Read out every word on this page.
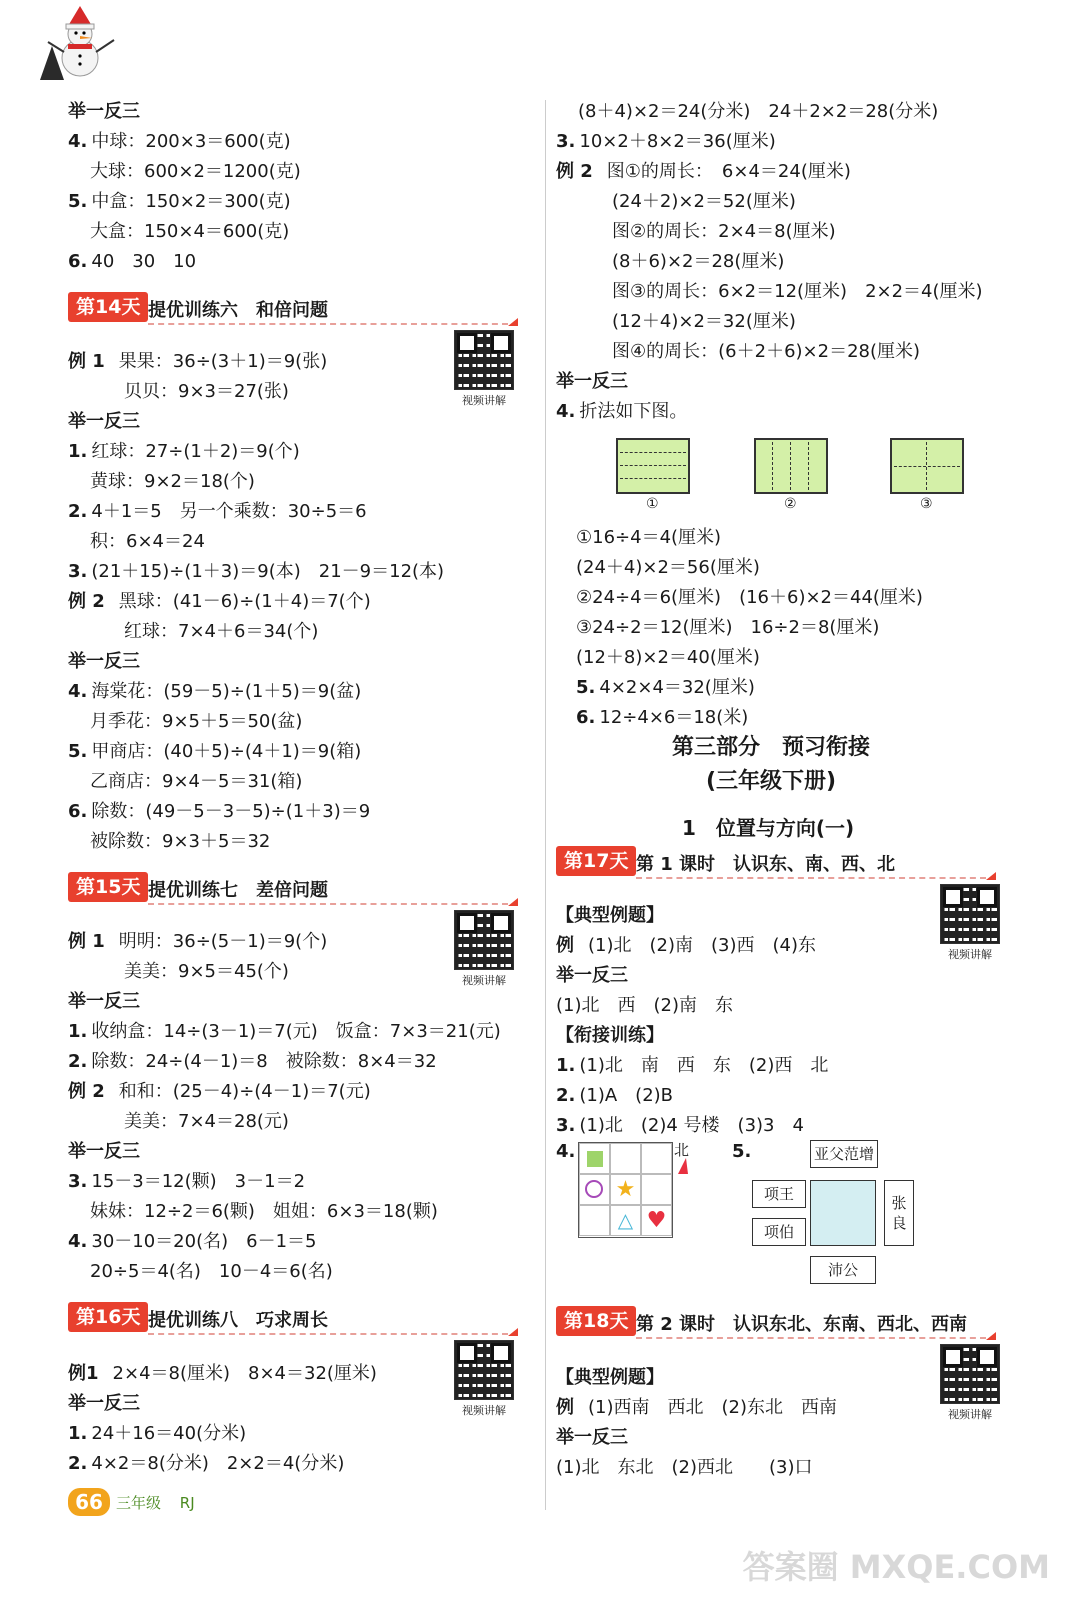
第14天 提优训练六　和倍问题
视频讲解
第15天 提优训练七　差倍问题
视频讲解
第16天 提优训练八　巧求周长
视频讲解
举一反三
4. 中球：200×3＝600(克)
大球：600×2＝1200(克)
5. 中盒：150×2＝300(克)
大盒：150×4＝600(克)
6. 40　30　10
例 1 果果：36÷(3＋1)＝9(张)
贝贝：9×3＝27(张)
举一反三
1. 红球：27÷(1＋2)＝9(个)
黄球：9×2＝18(个)
2. 4＋1＝5　另一个乘数：30÷5＝6
积：6×4＝24
3. (21＋15)÷(1＋3)＝9(本)　21－9＝12(本)
例 2 黑球：(41－6)÷(1＋4)＝7(个)
红球：7×4＋6＝34(个)
举一反三
4. 海棠花：(59－5)÷(1＋5)＝9(盆)
月季花：9×5＋5＝50(盆)
5. 甲商店：(40＋5)÷(4＋1)＝9(箱)
乙商店：9×4－5＝31(箱)
6. 除数：(49－5－3－5)÷(1＋3)＝9
被除数：9×3＋5＝32
例 1 明明：36÷(5－1)＝9(个)
美美：9×5＝45(个)
举一反三
1. 收纳盒：14÷(3－1)＝7(元)　饭盒：7×3＝21(元)
2. 除数：24÷(4－1)＝8　被除数：8×4＝32
例 2 和和：(25－4)÷(4－1)＝7(元)
美美：7×4＝28(元)
举一反三
3. 15－3＝12(颗)　3－1＝2
妹妹：12÷2＝6(颗)　姐姐：6×3＝18(颗)
4. 30－10＝20(名)　6－1＝5
20÷5＝4(名)　10－4＝6(名)
例1 2×4＝8(厘米)　8×4＝32(厘米)
举一反三
1. 24＋16＝40(分米)
2. 4×2＝8(分米)　2×2＝4(分米)
①	②	③
第三部分　预习衔接
(三年级下册)
1　位置与方向(一)
第17天 第 1 课时　认识东、南、西、北
视频讲解
4.	北 5.	亚父范增
项王
项伯
张良
沛公
第18天 第 2 课时　认识东北、东南、西北、西南
视频讲解
(8＋4)×2＝24(分米)　24＋2×2＝28(分米)
3. 10×2＋8×2＝36(厘米)
例 2 图①的周长：　6×4＝24(厘米)
(24＋2)×2＝52(厘米)
图②的周长：2×4＝8(厘米)
(8＋6)×2＝28(厘米)
图③的周长：6×2＝12(厘米)　2×2＝4(厘米)
(12＋4)×2＝32(厘米)
图④的周长：(6＋2＋6)×2＝28(厘米)
举一反三
4. 折法如下图。
①16÷4＝4(厘米)
(24＋4)×2＝56(厘米)
②24÷4＝6(厘米)　(16＋6)×2＝44(厘米)
③24÷2＝12(厘米)　16÷2＝8(厘米)
(12＋8)×2＝40(厘米)
5. 4×2×4＝32(厘米)
6. 12÷4×6＝18(米)
【典型例题】
例 (1)北　(2)南　(3)西　(4)东
举一反三
(1)北　西　(2)南　东
【衔接训练】
1. (1)北　南　西　东　(2)西　北
2. (1)A　(2)B
3. (1)北　(2)4 号楼　(3)3　4
【典型例题】
例 (1)西南　西北　(2)东北　西南
举一反三
(1)北　东北　(2)西北　　(3)口
★
△ ♥
66 三年级 RJ
答案圈 MXQE.COM
